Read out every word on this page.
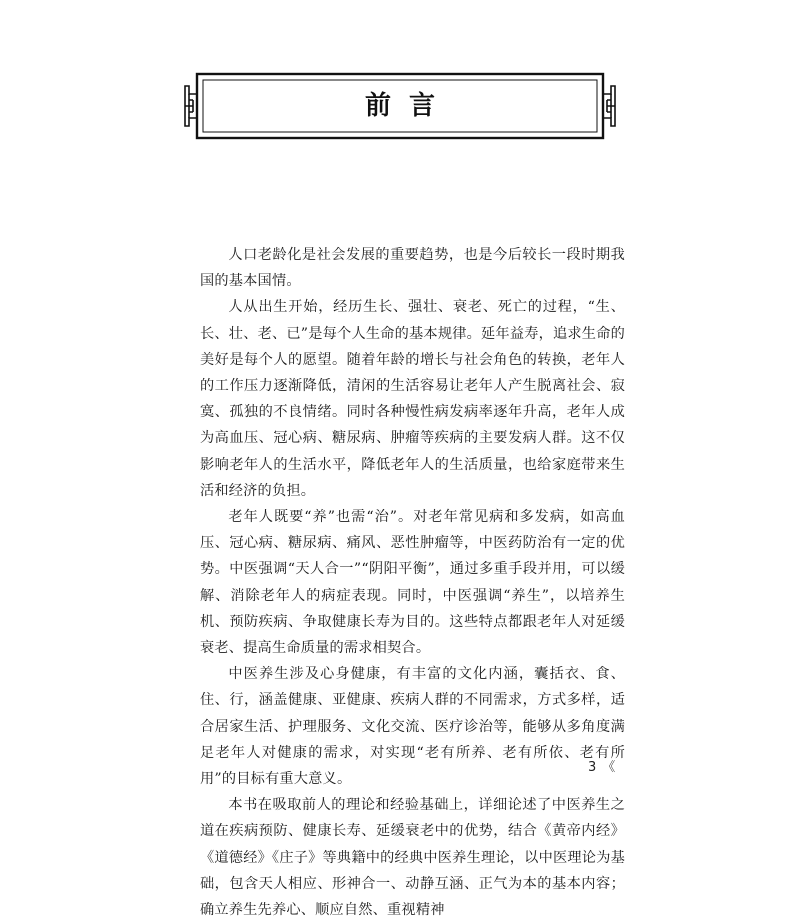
前言

人口老龄化是社会发展的重要趋势，也是今后较长一段时期我国的基本国情。

人从出生开始，经历生长、强壮、衰老、死亡的过程，“生、长、壮、老、已”是每个人生命的基本规律。延年益寿，追求生命的美好是每个人的愿望。随着年龄的增长与社会角色的转换，老年人的工作压力逐渐降低，清闲的生活容易让老年人产生脱离社会、寂寞、孤独的不良情绪。同时各种慢性病发病率逐年升高，老年人成为高血压、冠心病、糖尿病、肿瘤等疾病的主要发病人群。这不仅影响老年人的生活水平，降低老年人的生活质量，也给家庭带来生活和经济的负担。

老年人既要“养”也需“治”。对老年常见病和多发病，如高血压、冠心病、糖尿病、痛风、恶性肿瘤等，中医药防治有一定的优势。中医强调“天人合一”“阴阳平衡”，通过多重手段并用，可以缓解、消除老年人的病症表现。同时，中医强调“养生”，以培养生机、预防疾病、争取健康长寿为目的。这些特点都跟老年人对延缓衰老、提高生命质量的需求相契合。

中医养生涉及心身健康，有丰富的文化内涵，囊括衣、食、住、行，涵盖健康、亚健康、疾病人群的不同需求，方式多样，适合居家生活、护理服务、文化交流、医疗诊治等，能够从多角度满足老年人对健康的需求，对实现“老有所养、老有所依、老有所用”的目标有重大意义。

本书在吸取前人的理论和经验基础上，详细论述了中医养生之道在疾病预防、健康长寿、延缓衰老中的优势，结合《黄帝内经》《道德经》《庄子》等典籍中的经典中医养生理论，以中医理论为基础，包含天人相应、形神合一、动静互涵、正气为本的基本内容；确立养生先养心、顺应自然、重视精神

3 《
